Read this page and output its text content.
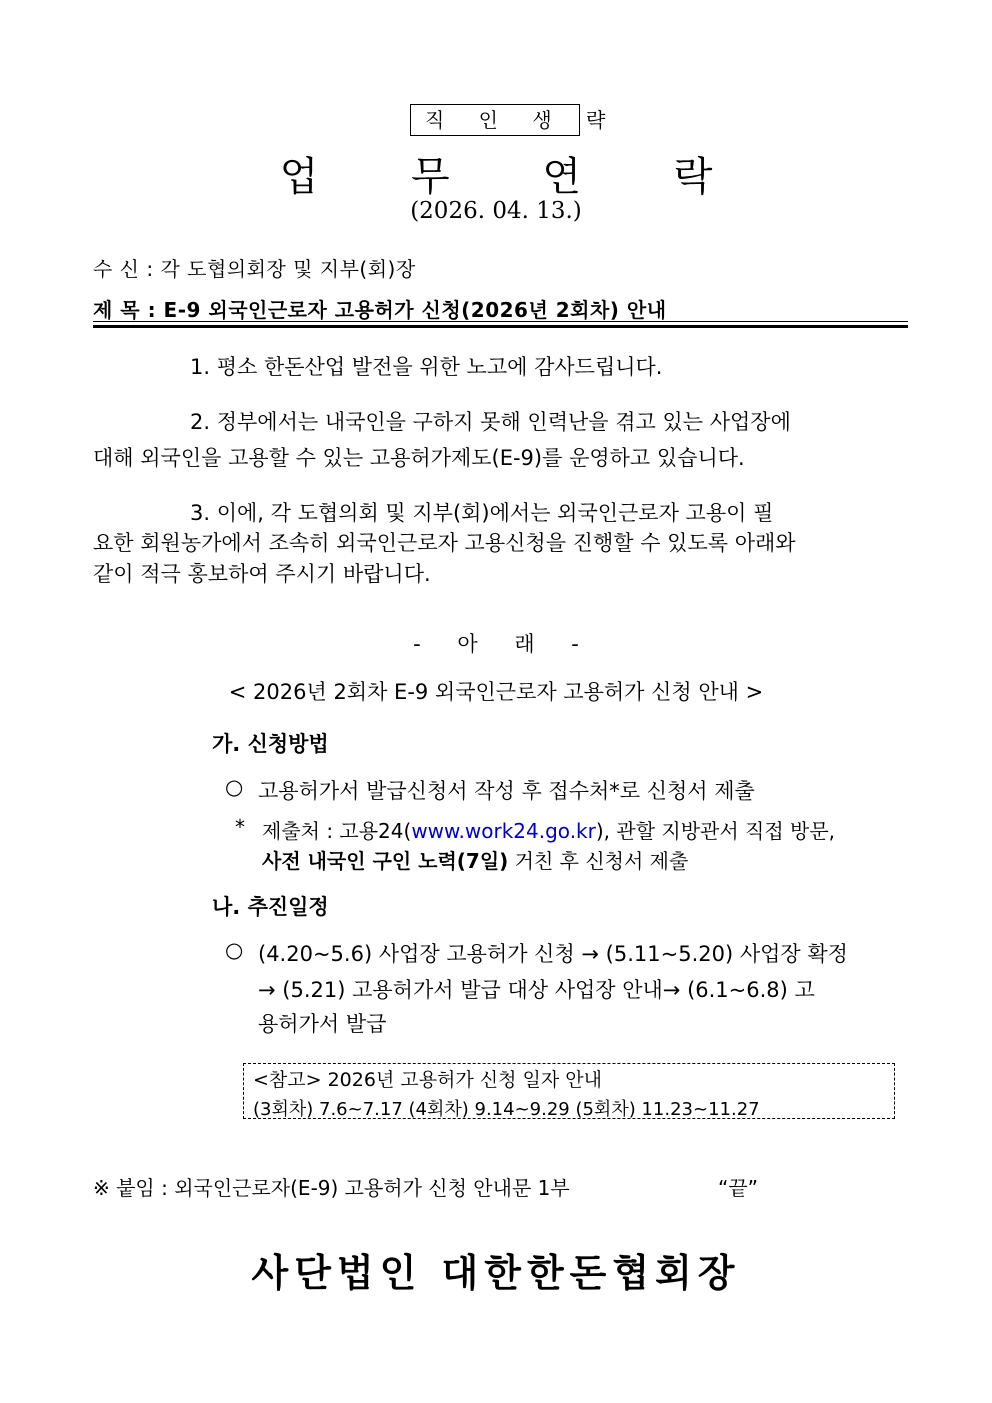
직 인 생 략
업 무 연 락
(2026. 04. 13.)
수 신 : 각 도협의회장 및 지부(회)장
제 목 : E-9 외국인근로자 고용허가 신청(2026년 2회차) 안내
1. 평소 한돈산업 발전을 위한 노고에 감사드립니다.
2. 정부에서는 내국인을 구하지 못해 인력난을 겪고 있는 사업장에
대해 외국인을 고용할 수 있는 고용허가제도(E-9)를 운영하고 있습니다.
3. 이에, 각 도협의회 및 지부(회)에서는 외국인근로자 고용이 필
요한 회원농가에서 조속히 외국인근로자 고용신청을 진행할 수 있도록 아래와
같이 적극 홍보하여 주시기 바랍니다.
- 아 래 -
< 2026년 2회차 E-9 외국인근로자 고용허가 신청 안내 >
가. 신청방법
○ 고용허가서 발급신청서 작성 후 접수처*로 신청서 제출
* 제출처 : 고용24(www.work24.go.kr), 관할 지방관서 직접 방문,
사전 내국인 구인 노력(7일) 거친 후 신청서 제출
나. 추진일정
○ (4.20~5.6) 사업장 고용허가 신청 → (5.11~5.20) 사업장 확정
→ (5.21) 고용허가서 발급 대상 사업장 안내→ (6.1~6.8) 고
용허가서 발급
<참고> 2026년 고용허가 신청 일자 안내
(3회차) 7.6~7.17 (4회차) 9.14~9.29 (5회차) 11.23~11.27
※ 붙임 : 외국인근로자(E-9) 고용허가 신청 안내문 1부	“끝”
사단법인 대한한돈협회장
